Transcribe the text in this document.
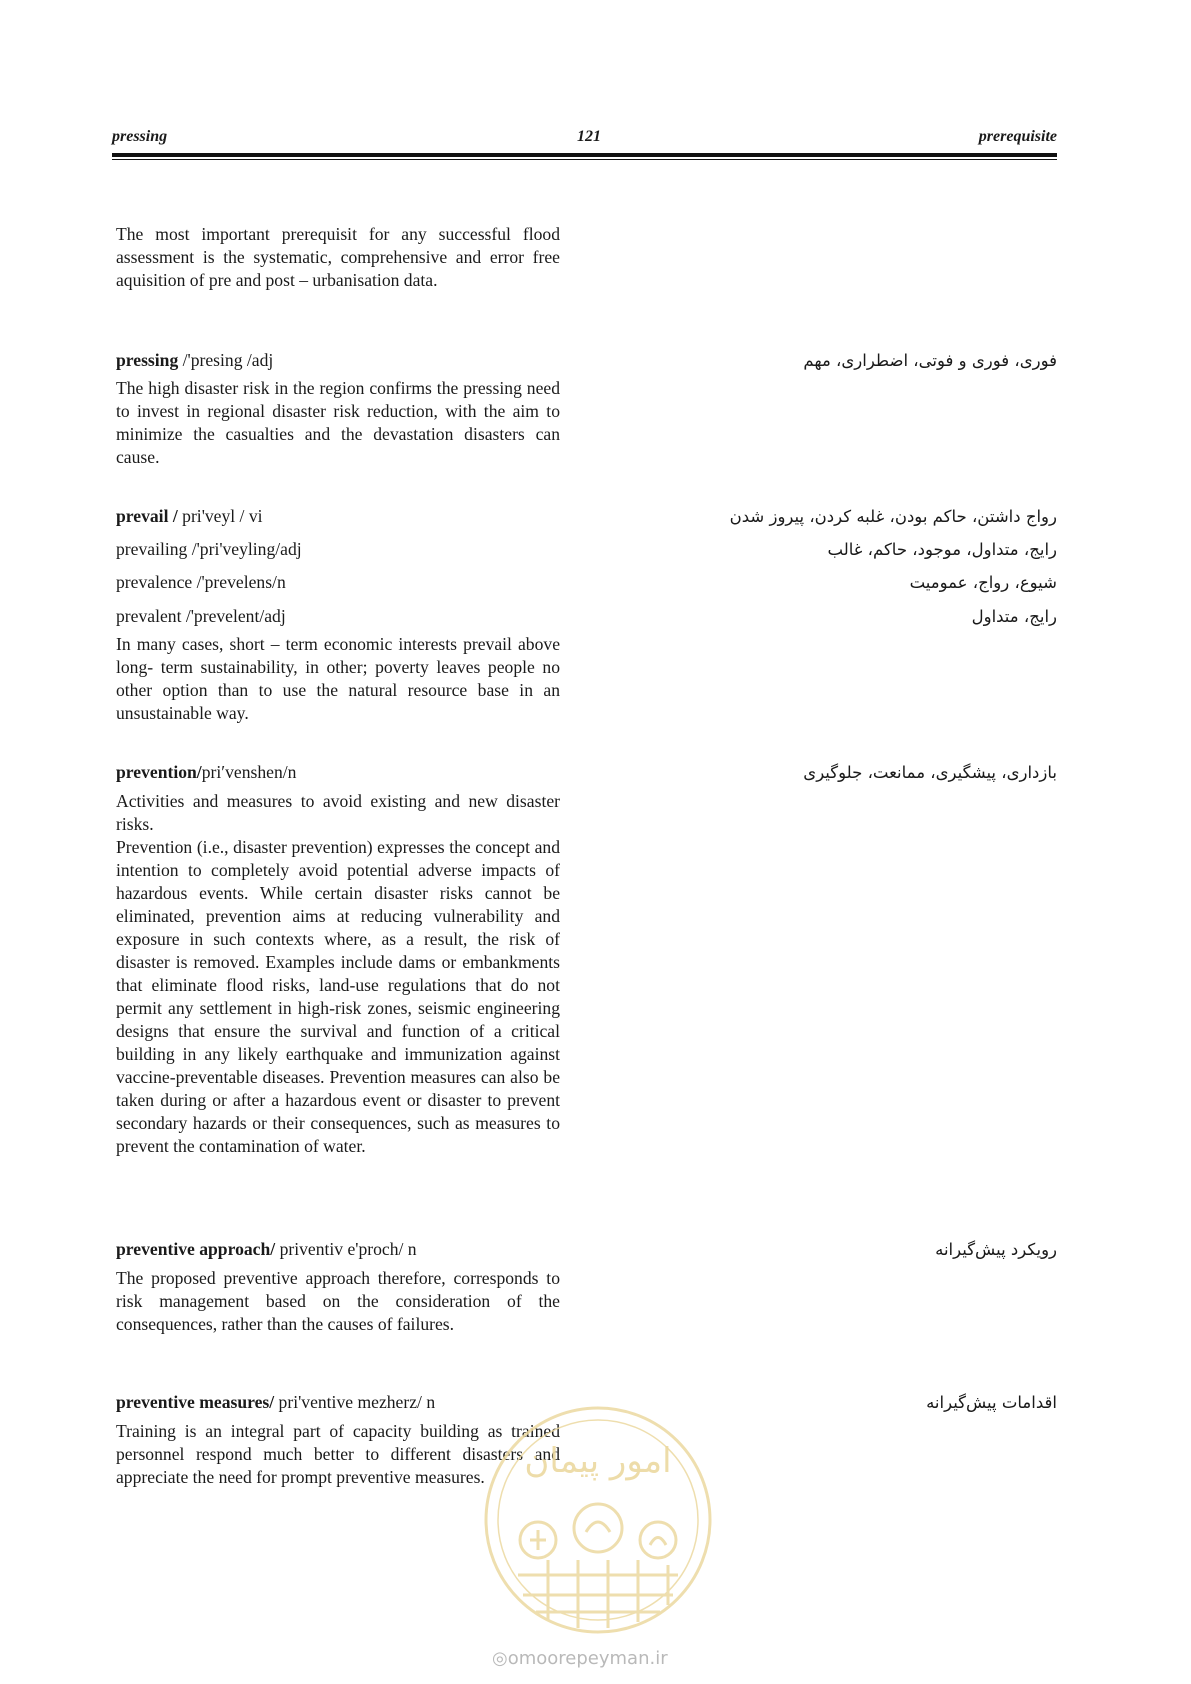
pressing	121	prerequisite
The most important prerequisit for any successful flood assessment is the systematic, comprehensive and error free aquisition of pre and post – urbanisation data.
pressing /'presing /adj	فوری، فوری و فوتی، اضطراری، مهم
The high disaster risk in the region confirms the pressing need to invest in regional disaster risk reduction, with the aim to minimize the casualties and the devastation disasters can cause.
prevail / pri'veyl / vi	رواج داشتن، حاکم بودن، غلبه کردن، پیروز شدن
prevailing /'pri'veyling/adj	رایج، متداول، موجود، حاکم، غالب
prevalence /'prevelens/n	شیوع، رواج، عمومیت
prevalent /'prevelent/adj	رایج، متداول
In many cases, short – term economic interests prevail above long- term sustainability, in other; poverty leaves people no other option than to use the natural resource base in an unsustainable way.
prevention/pri′venshen/n	بازداری، پیشگیری، ممانعت، جلوگیری
Activities and measures to avoid existing and new disaster risks.
Prevention (i.e., disaster prevention) expresses the concept and intention to completely avoid potential adverse impacts of hazardous events. While certain disaster risks cannot be eliminated, prevention aims at reducing vulnerability and exposure in such contexts where, as a result, the risk of disaster is removed. Examples include dams or embankments that eliminate flood risks, land-use regulations that do not permit any settlement in high-risk zones, seismic engineering designs that ensure the survival and function of a critical building in any likely earthquake and immunization against vaccine-preventable diseases. Prevention measures can also be taken during or after a hazardous event or disaster to prevent secondary hazards or their consequences, such as measures to prevent the contamination of water.
preventive approach/ priventiv e'proch/ n	رویکرد پیش‌گیرانه
The proposed preventive approach therefore, corresponds to risk management based on the consideration of the consequences, rather than the causes of failures.
preventive measures/ pri'ventive mezherz/ n	اقدامات پیش‌گیرانه
Training is an integral part of capacity building as trained personnel respond much better to different disasters and appreciate the need for prompt preventive measures.	امور پیمان
◎omoorepeyman.ir
